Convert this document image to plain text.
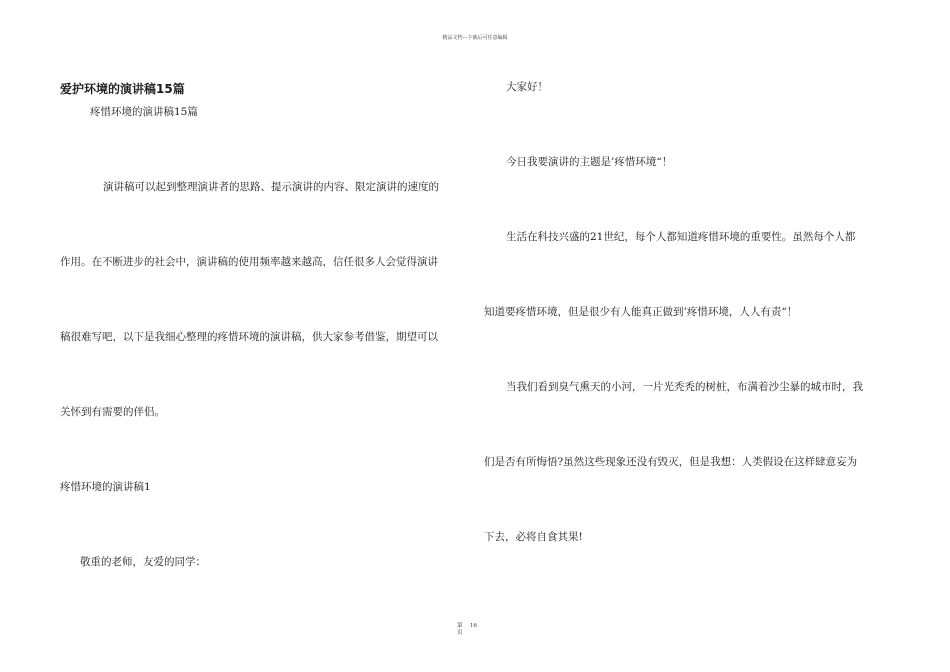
精品文档---下载后可任意编辑
爱护环境的演讲稿15篇
疼惜环境的演讲稿15篇
演讲稿可以起到整理演讲者的思路、提示演讲的内容、限定演讲的速度的
作用。在不断进步的社会中，演讲稿的使用频率越来越高，信任很多人会觉得演讲
稿很难写吧，以下是我细心整理的疼惜环境的演讲稿，供大家参考借鉴，期望可以
关怀到有需要的伴侣。
疼惜环境的演讲稿1
敬重的老师，友爱的同学：
大家好！
今日我要演讲的主题是’疼惜环境“！
生活在科技兴盛的21世纪，每个人都知道疼惜环境的重要性。虽然每个人都
知道要疼惜环境，但是很少有人能真正做到’疼惜环境，人人有责“！
当我们看到臭气熏天的小河，一片光秃秃的树桩，布满着沙尘暴的城市时，我
们是否有所悔悟?虽然这些现象还没有毁灭，但是我想：人类假设在这样肆意妄为
下去，必将自食其果!
第
页
16
